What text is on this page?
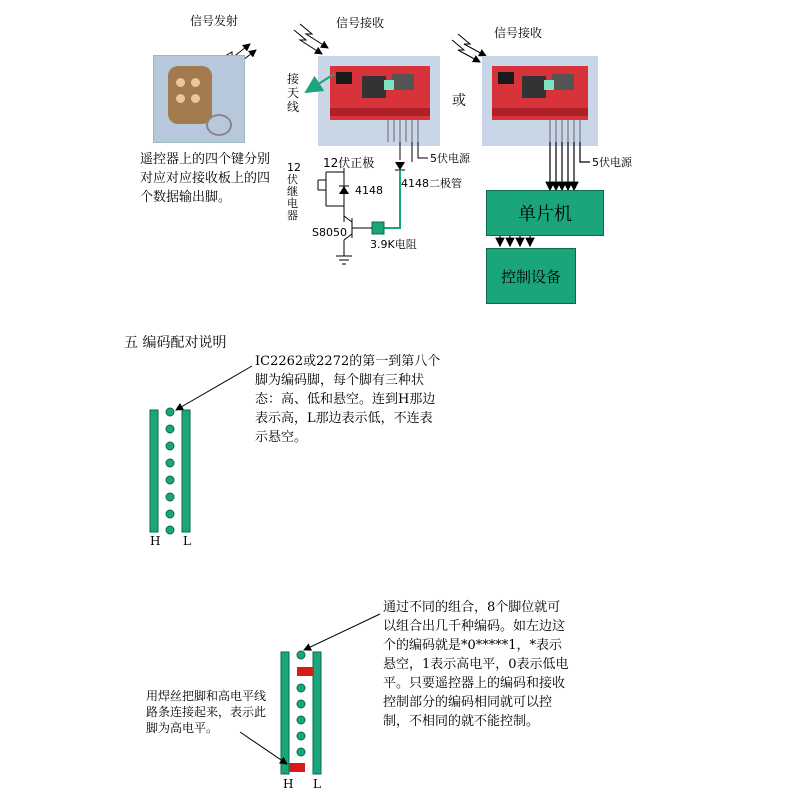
信号发射	信号接收
信号接收
接天线	或
12伏正极
12伏继电器
4148
4148二极管
5伏电源	5伏电源
S8050
3.9K电阻
遥控器上的四个键分别对应对应接收板上的四个数据输出脚。
单片机
控制设备
五 编码配对说明
IC2262或2272的第一到第八个脚为编码脚，每个脚有三种状态：高、低和悬空。连到H那边表示高，L那边表示低，不连表示悬空。
H L
通过不同的组合，8个脚位就可以组合出几千种编码。如左边这个的编码就是*0*****1，*表示悬空，1表示高电平，0表示低电平。只要遥控器上的编码和接收控制部分的编码相同就可以控制，不相同的就不能控制。
用焊丝把脚和高电平线路条连接起来，表示此脚为高电平。
H L
